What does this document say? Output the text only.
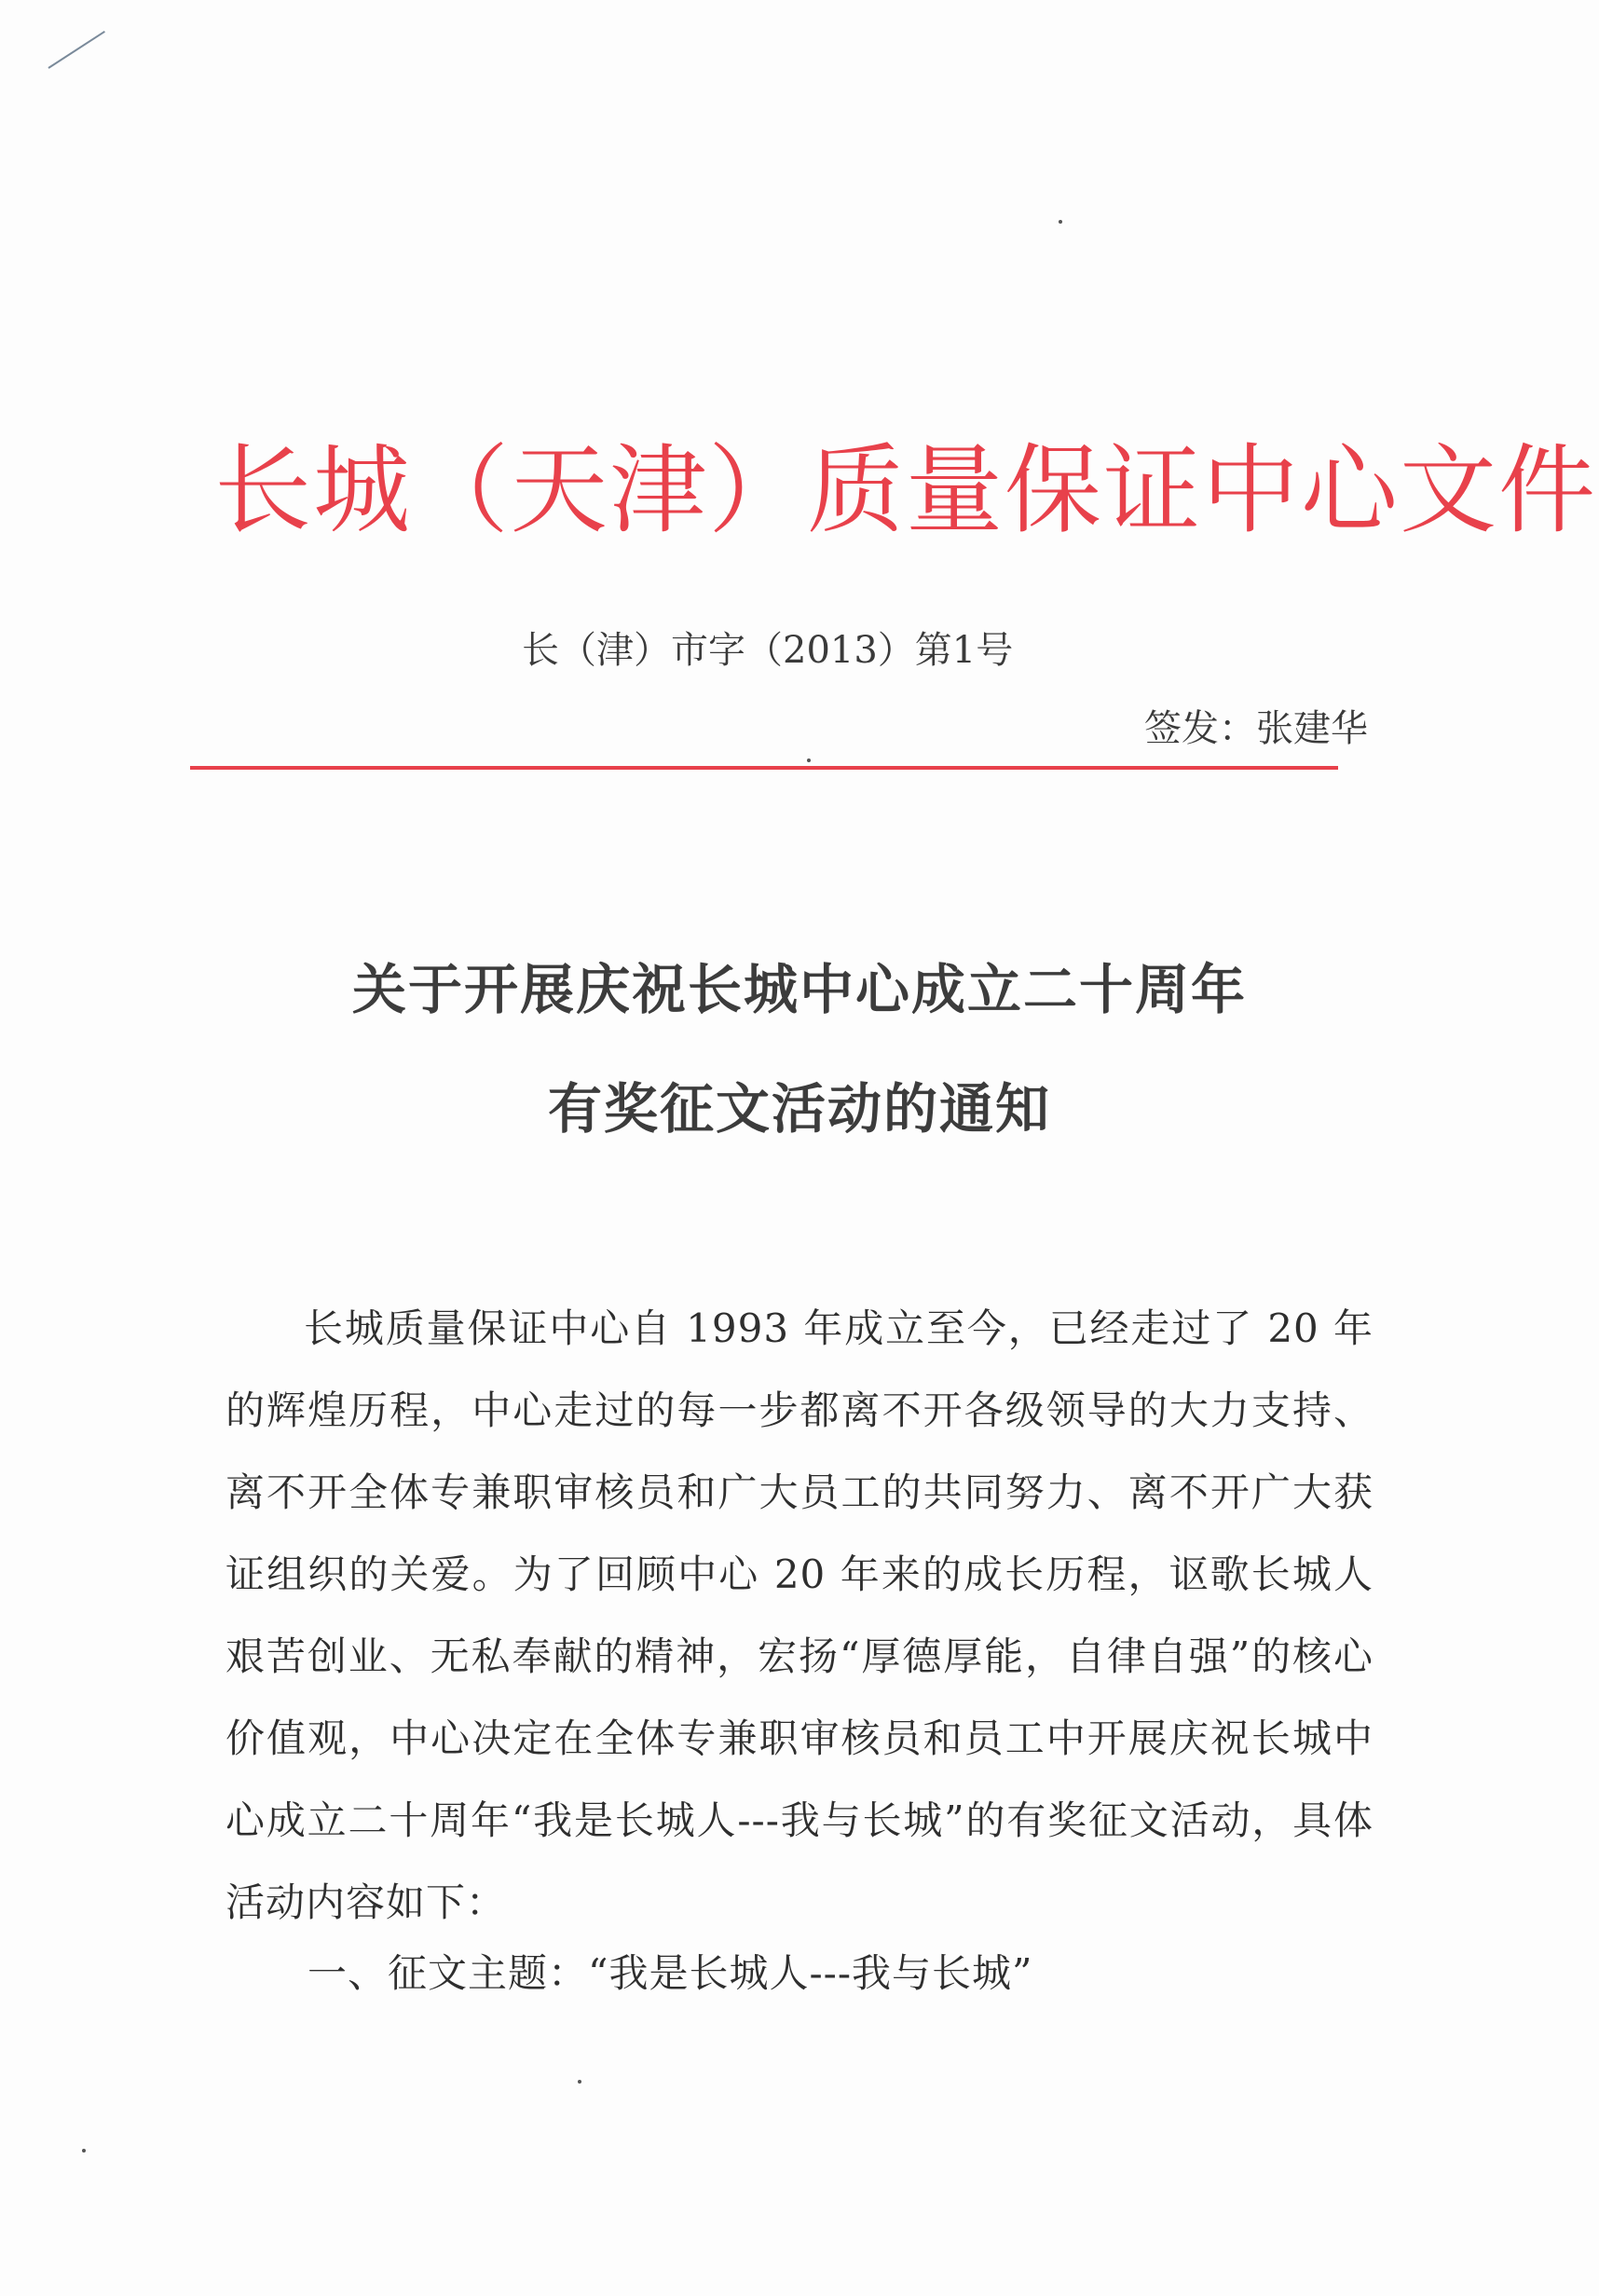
长城（天津）质量保证中心文件
长（津）市字（2013）第1号
签发：张建华
关于开展庆祝长城中心成立二十周年
有奖征文活动的通知

长城质量保证中心自 1993 年成立至今，已经走过了 20 年的辉煌历程，中心走过的每一步都离不开各级领导的大力支持、离不开全体专兼职审核员和广大员工的共同努力、离不开广大获证组织的关爱。为了回顾中心 20 年来的成长历程，讴歌长城人艰苦创业、无私奉献的精神，宏扬“厚德厚能，自律自强”的核心价值观，中心决定在全体专兼职审核员和员工中开展庆祝长城中心成立二十周年“我是长城人---我与长城”的有奖征文活动，具体活动内容如下：

一、征文主题：“我是长城人---我与长城”
